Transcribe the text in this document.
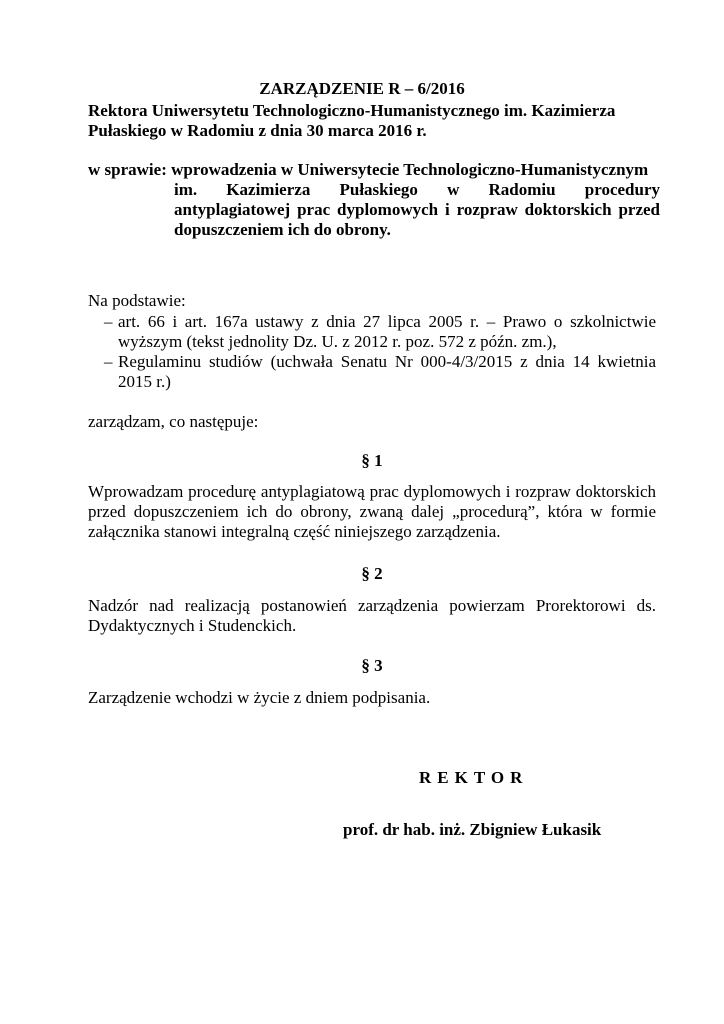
ZARZĄDZENIE R – 6/2016
Rektora Uniwersytetu Technologiczno-Humanistycznego im. Kazimierza
Pułaskiego w Radomiu z dnia 30 marca 2016 r.
w sprawie: wprowadzenia w Uniwersytecie Technologiczno-Humanistycznym
im. Kazimierza Pułaskiego w Radomiu procedury
antyplagiatowej prac dyplomowych i rozpraw doktorskich przed
dopuszczeniem ich do obrony.
Na podstawie:
– art. 66 i art. 167a ustawy z dnia 27 lipca 2005 r. – Prawo o szkolnictwie wyższym (tekst jednolity Dz. U. z 2012 r. poz. 572 z późn. zm.),
– Regulaminu studiów (uchwała Senatu Nr 000-4/3/2015 z dnia 14 kwietnia 2015 r.)
zarządzam, co następuje:
§ 1
Wprowadzam procedurę antyplagiatową prac dyplomowych i rozpraw doktorskich przed dopuszczeniem ich do obrony, zwaną dalej „procedurą”, która w formie załącznika stanowi integralną część niniejszego zarządzenia.
§ 2
Nadzór nad realizacją postanowień zarządzenia powierzam Prorektorowi ds. Dydaktycznych i Studenckich.
§ 3
Zarządzenie wchodzi w życie z dniem podpisania.
REKTOR
prof. dr hab. inż. Zbigniew Łukasik
